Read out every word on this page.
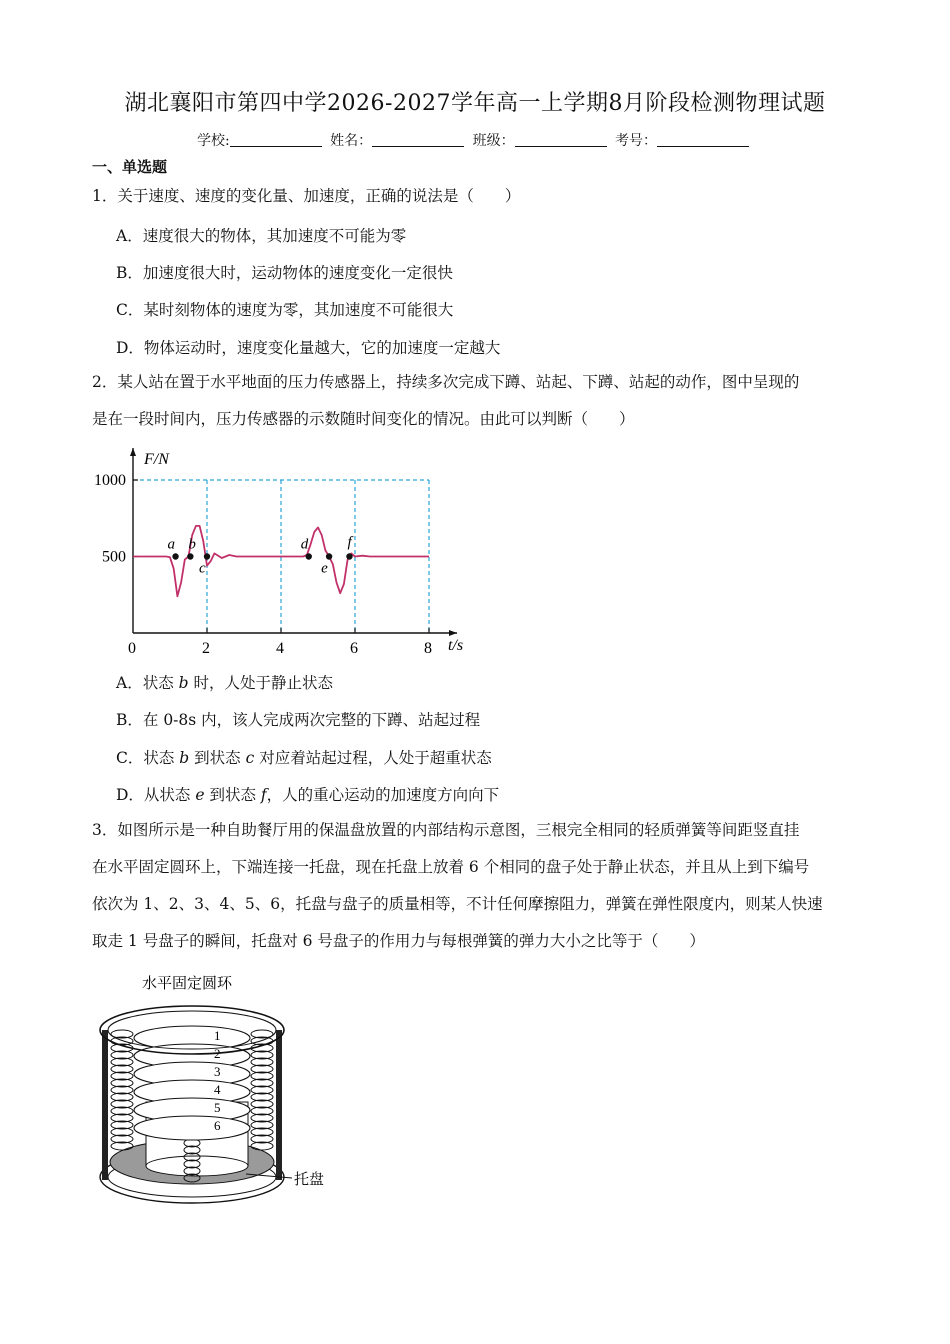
湖北襄阳市第四中学2026-2027学年高一上学期8月阶段检测物理试题
学校:	姓名：	班级：	考号：
一、单选题
1．关于速度、速度的变化量、加速度，正确的说法是（　　）
A．速度很大的物体，其加速度不可能为零
B．加速度很大时，运动物体的速度变化一定很快
C．某时刻物体的速度为零，其加速度不可能很大
D．物体运动时，速度变化量越大，它的加速度一定越大
2．某人站在置于水平地面的压力传感器上，持续多次完成下蹲、站起、下蹲、站起的动作，图中呈现的
是在一段时间内，压力传感器的示数随时间变化的情况。由此可以判断（　　）
0	2	4	6	8
500
1000
a b
c
d
e
f
F/N
t/s
A．状态 b 时，人处于静止状态
B．在 0-8s 内，该人完成两次完整的下蹲、站起过程
C．状态 b 到状态 c 对应着站起过程，人处于超重状态
D．从状态 e 到状态 f，人的重心运动的加速度方向向下
3．如图所示是一种自助餐厅用的保温盘放置的内部结构示意图，三根完全相同的轻质弹簧等间距竖直挂
在水平固定圆环上，下端连接一托盘，现在托盘上放着 6 个相同的盘子处于静止状态，并且从上到下编号
依次为 1、2、3、4、5、6，托盘与盘子的质量相等，不计任何摩擦阻力，弹簧在弹性限度内，则某人快速
取走 1 号盘子的瞬间，托盘对 6 号盘子的作用力与每根弹簧的弹力大小之比等于（　　）
水平固定圆环
1
2
3
4
5
6
托盘
